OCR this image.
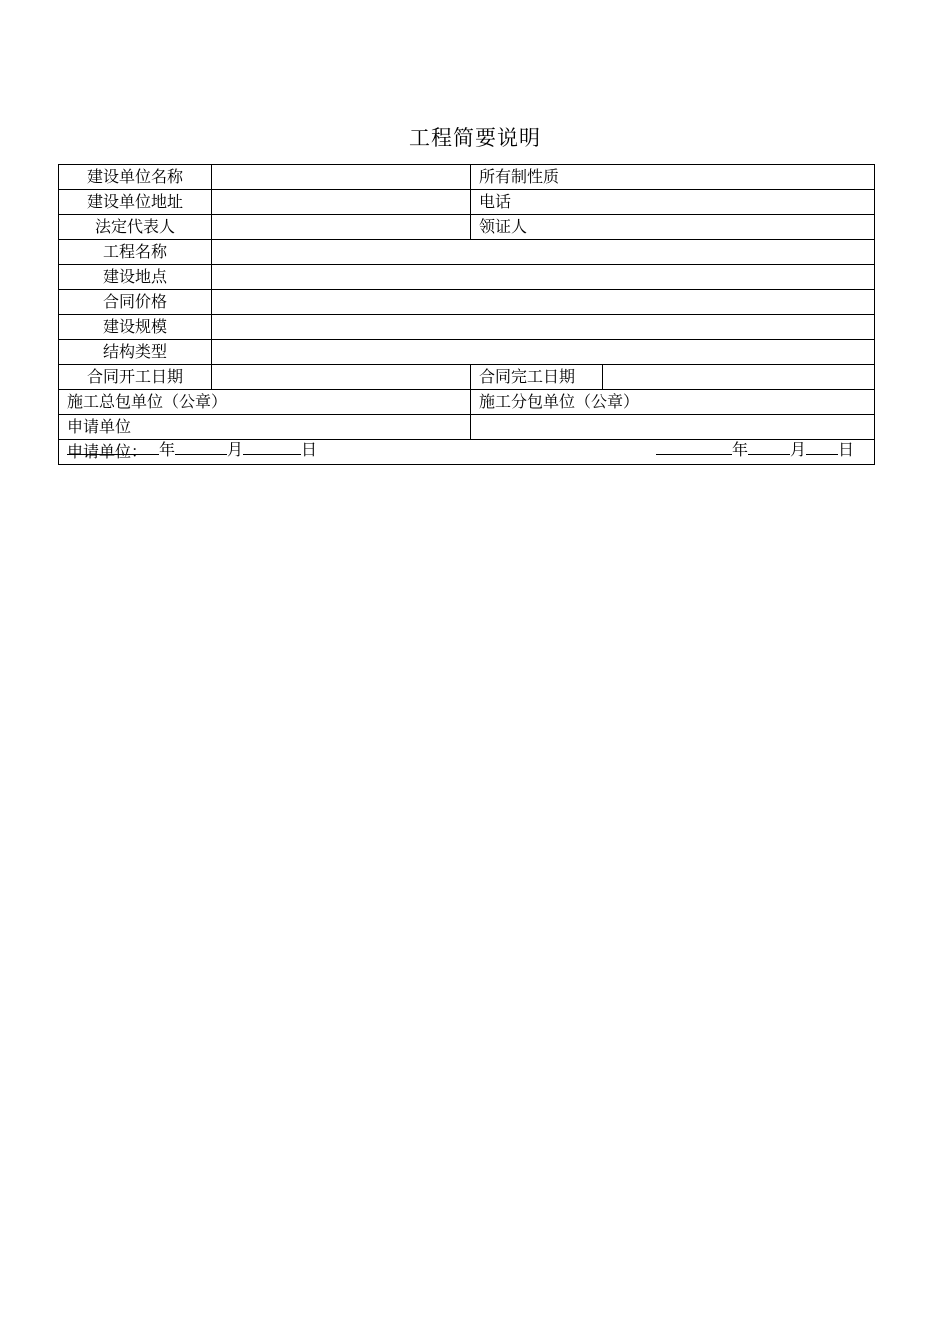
工程简要说明
建设单位名称		所有制性质	
建设单位地址		电话	
法定代表人		领证人	
工程名称			
建设地点			
合同价格			
建设规模			
结构类型			
合同开工日期		合同完工日期	
施工总包单位（公章）		施工分包单位（公章）	
申请单位			
申请单位： 年 月 日 年 月 日			
